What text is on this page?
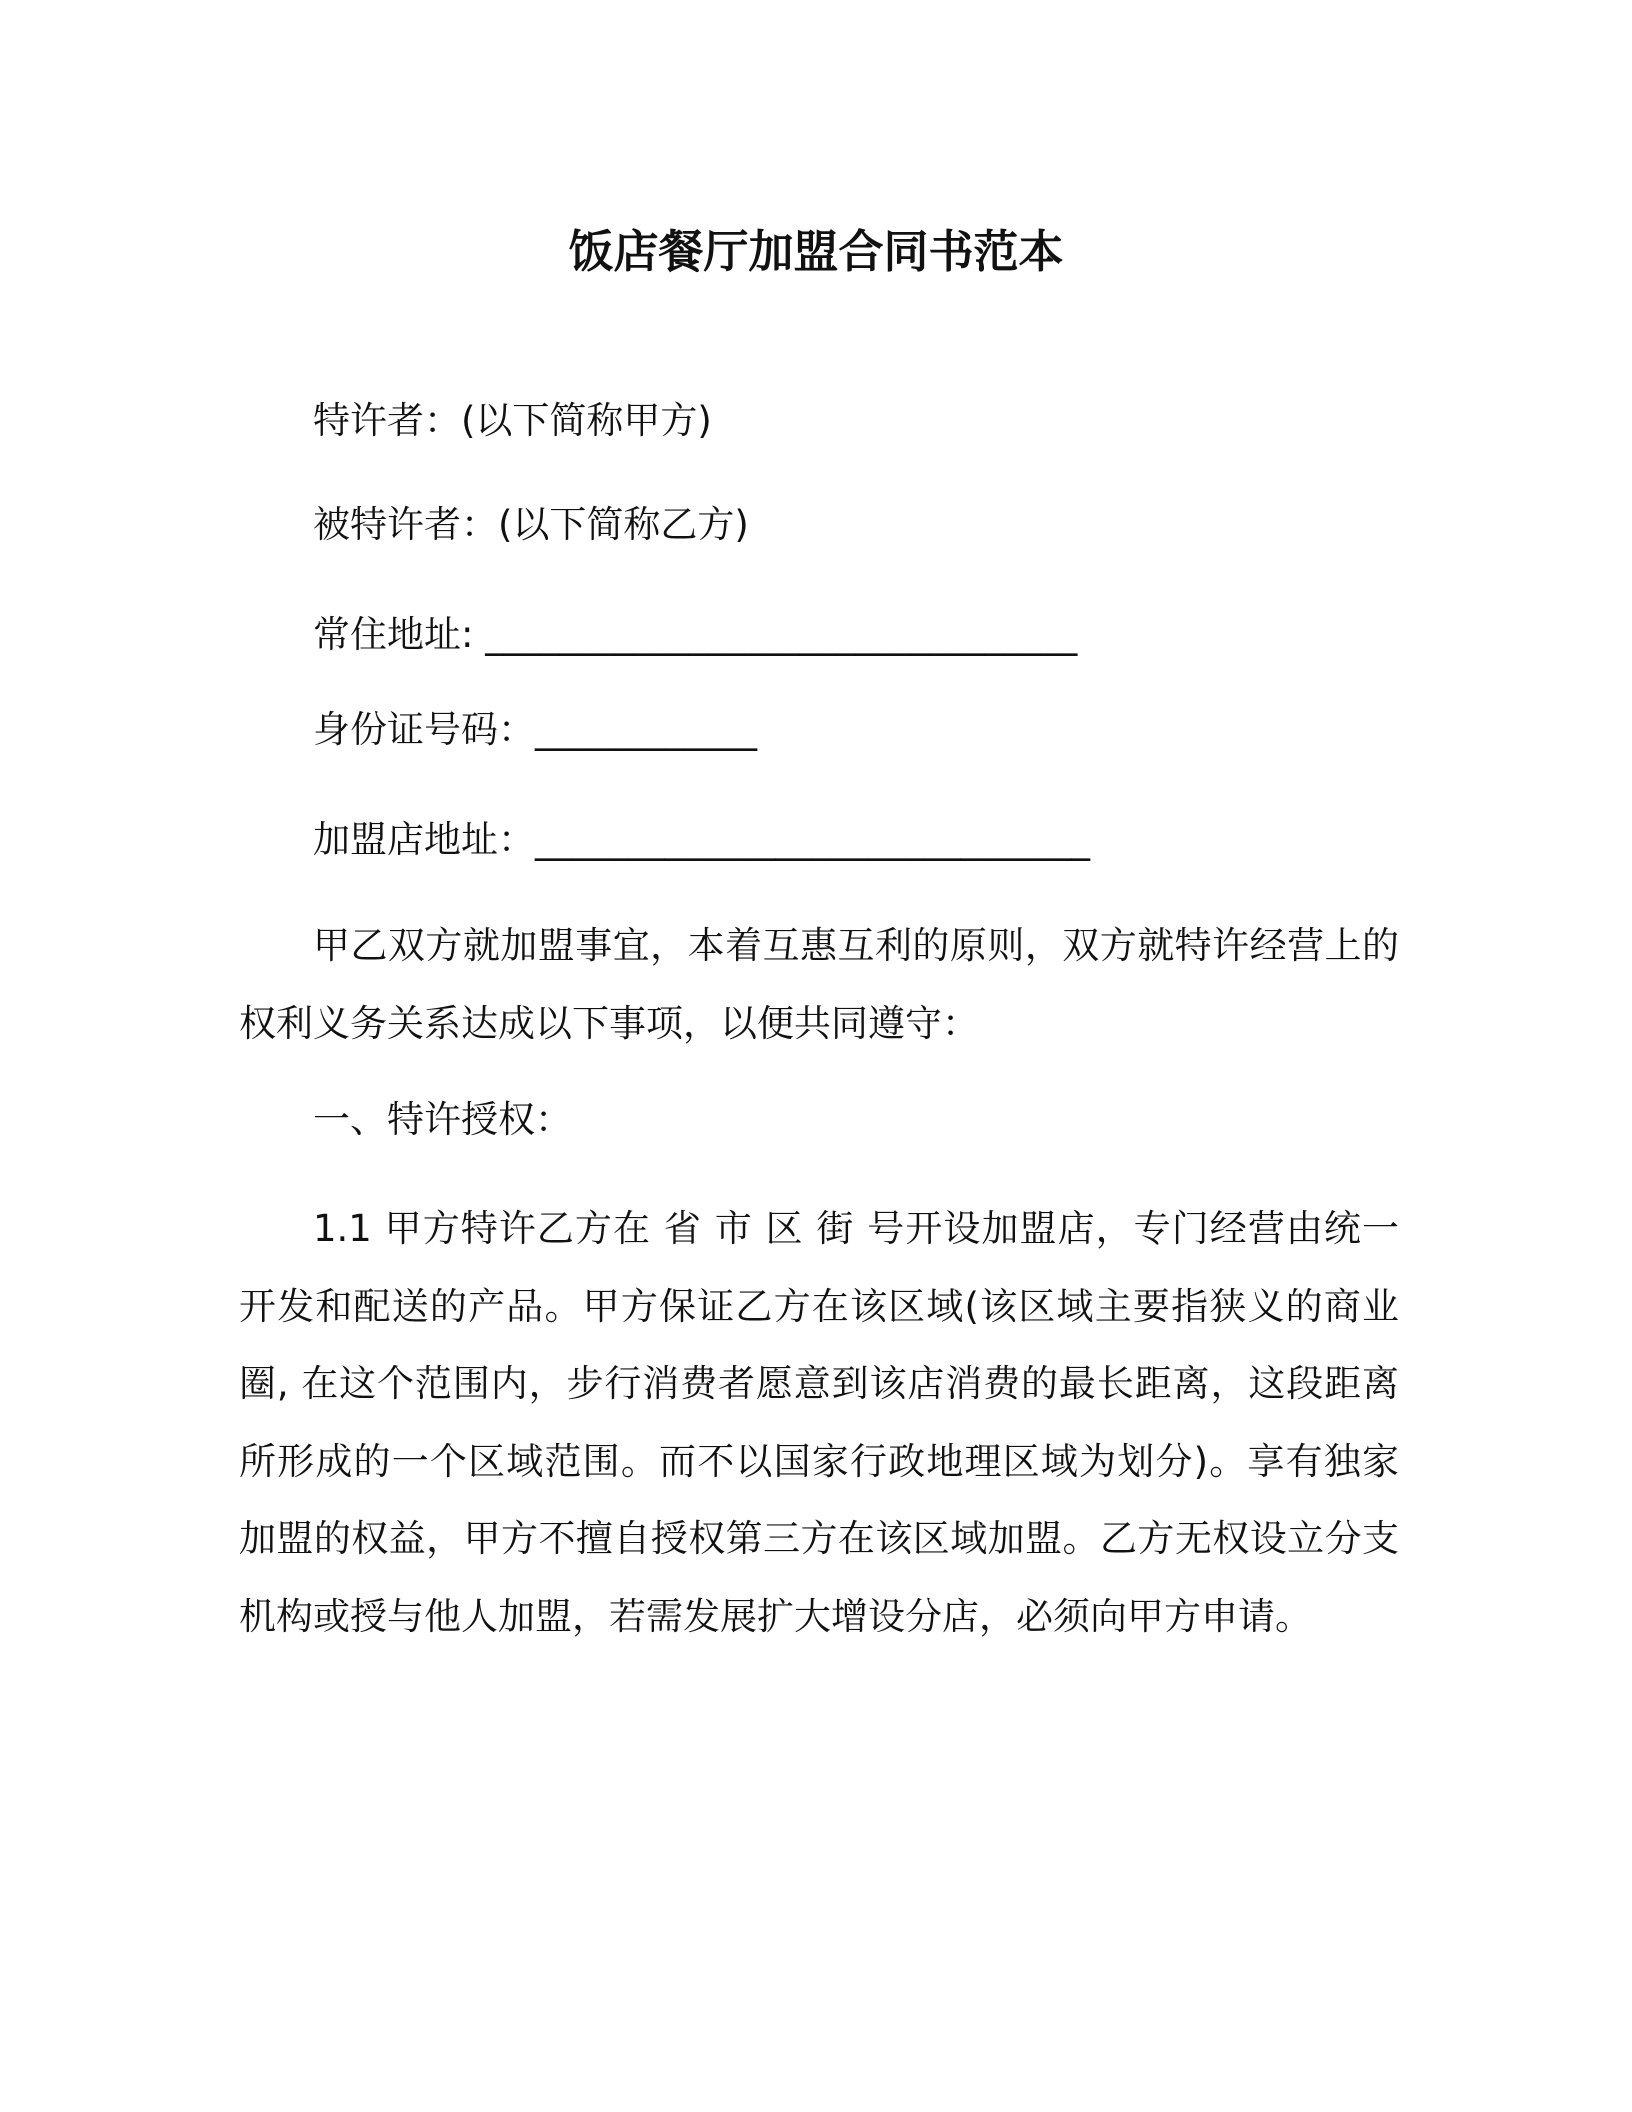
饭店餐厅加盟合同书范本
特许者：(以下简称甲方)
被特许者：(以下简称乙方)
常住地址: ________________________________
身份证号码：____________
加盟店地址：______________________________

甲乙双方就加盟事宜，本着互惠互利的原则，双方就特许经营上的权利义务关系达成以下事项，以便共同遵守：

一、特许授权：

1.1 甲方特许乙方在 省 市 区 街 号开设加盟店，专门经营由统一开发和配送的产品。甲方保证乙方在该区域(该区域主要指狭义的商业圈, 在这个范围内，步行消费者愿意到该店消费的最长距离，这段距离所形成的一个区域范围。而不以国家行政地理区域为划分)。享有独家加盟的权益，甲方不擅自授权第三方在该区域加盟。乙方无权设立分支机构或授与他人加盟，若需发展扩大增设分店，必须向甲方申请。
